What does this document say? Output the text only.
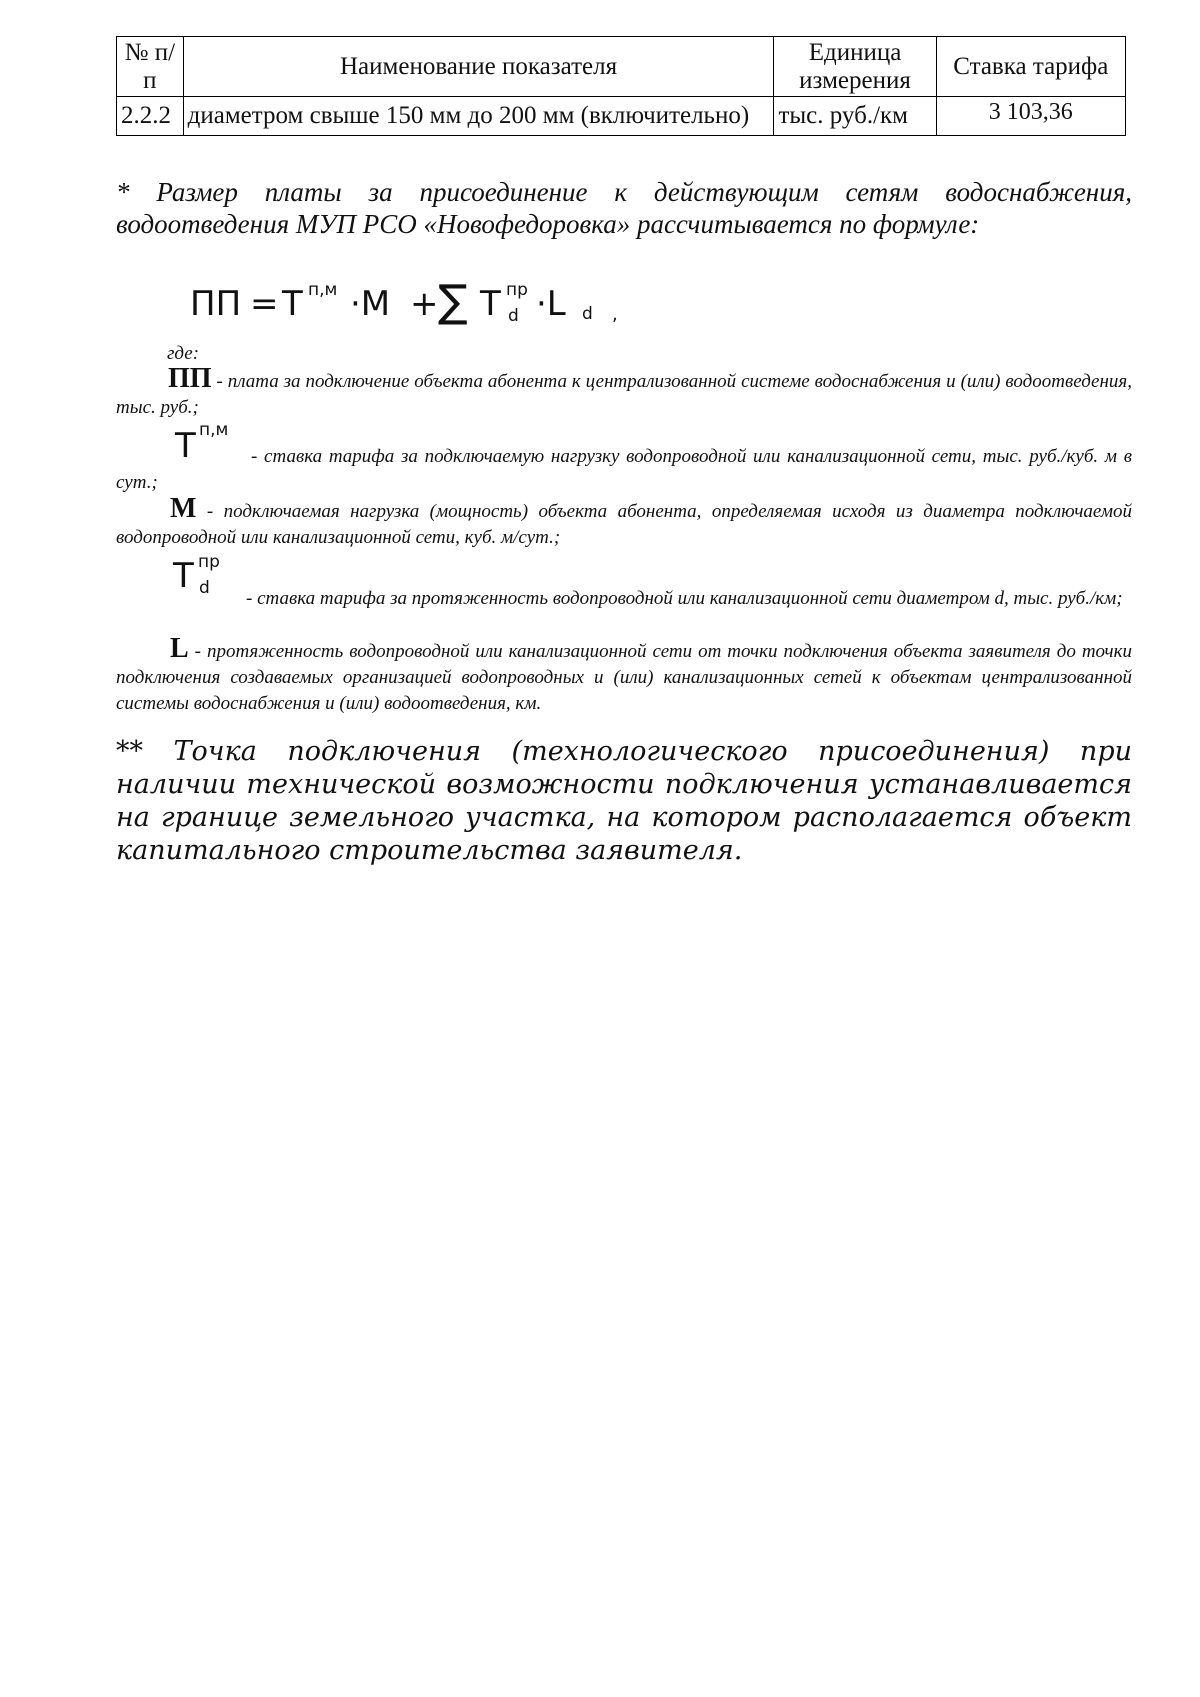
№ п/п	Наименование показателя	Единица измерения	Ставка тарифа
2.2.2	диаметром свыше 150 мм до 200 мм (включительно)	тыс. руб./км	3 103,36
* Размер платы за присоединение к действующим сетям водоснабжения, водоотведения МУП РСО «Новофедоровка» рассчитывается по формуле:
ПП = Т п,м ·М + ∑ Т пр
d ·L d ,
где:
ПП - плата за подключение объекта абонента к централизованной системе водоснабжения и (или) водоотведения, тыс. руб.;
Т п,м
- ставка тарифа за подключаемую нагрузку водопроводной или канализационной сети, тыс. руб./куб. м в сут.;
М - подключаемая нагрузка (мощность) объекта абонента, определяемая исходя из диаметра подключаемой водопроводной или канализационной сети, куб. м/сут.;
Т пр
d	- ставка тарифа за протяженность водопроводной или канализационной сети диаметром d, тыс. руб./км;
L - протяженность водопроводной или канализационной сети от точки подключения объекта заявителя до точки подключения создаваемых организацией водопроводных и (или) канализационных сетей к объектам централизованной системы водоснабжения и (или) водоотведения, км.
** Точка подключения (технологического присоединения) при наличии технической возможности подключения устанавливается на границе земельного участка, на котором располагается объект капитального строительства заявителя.
